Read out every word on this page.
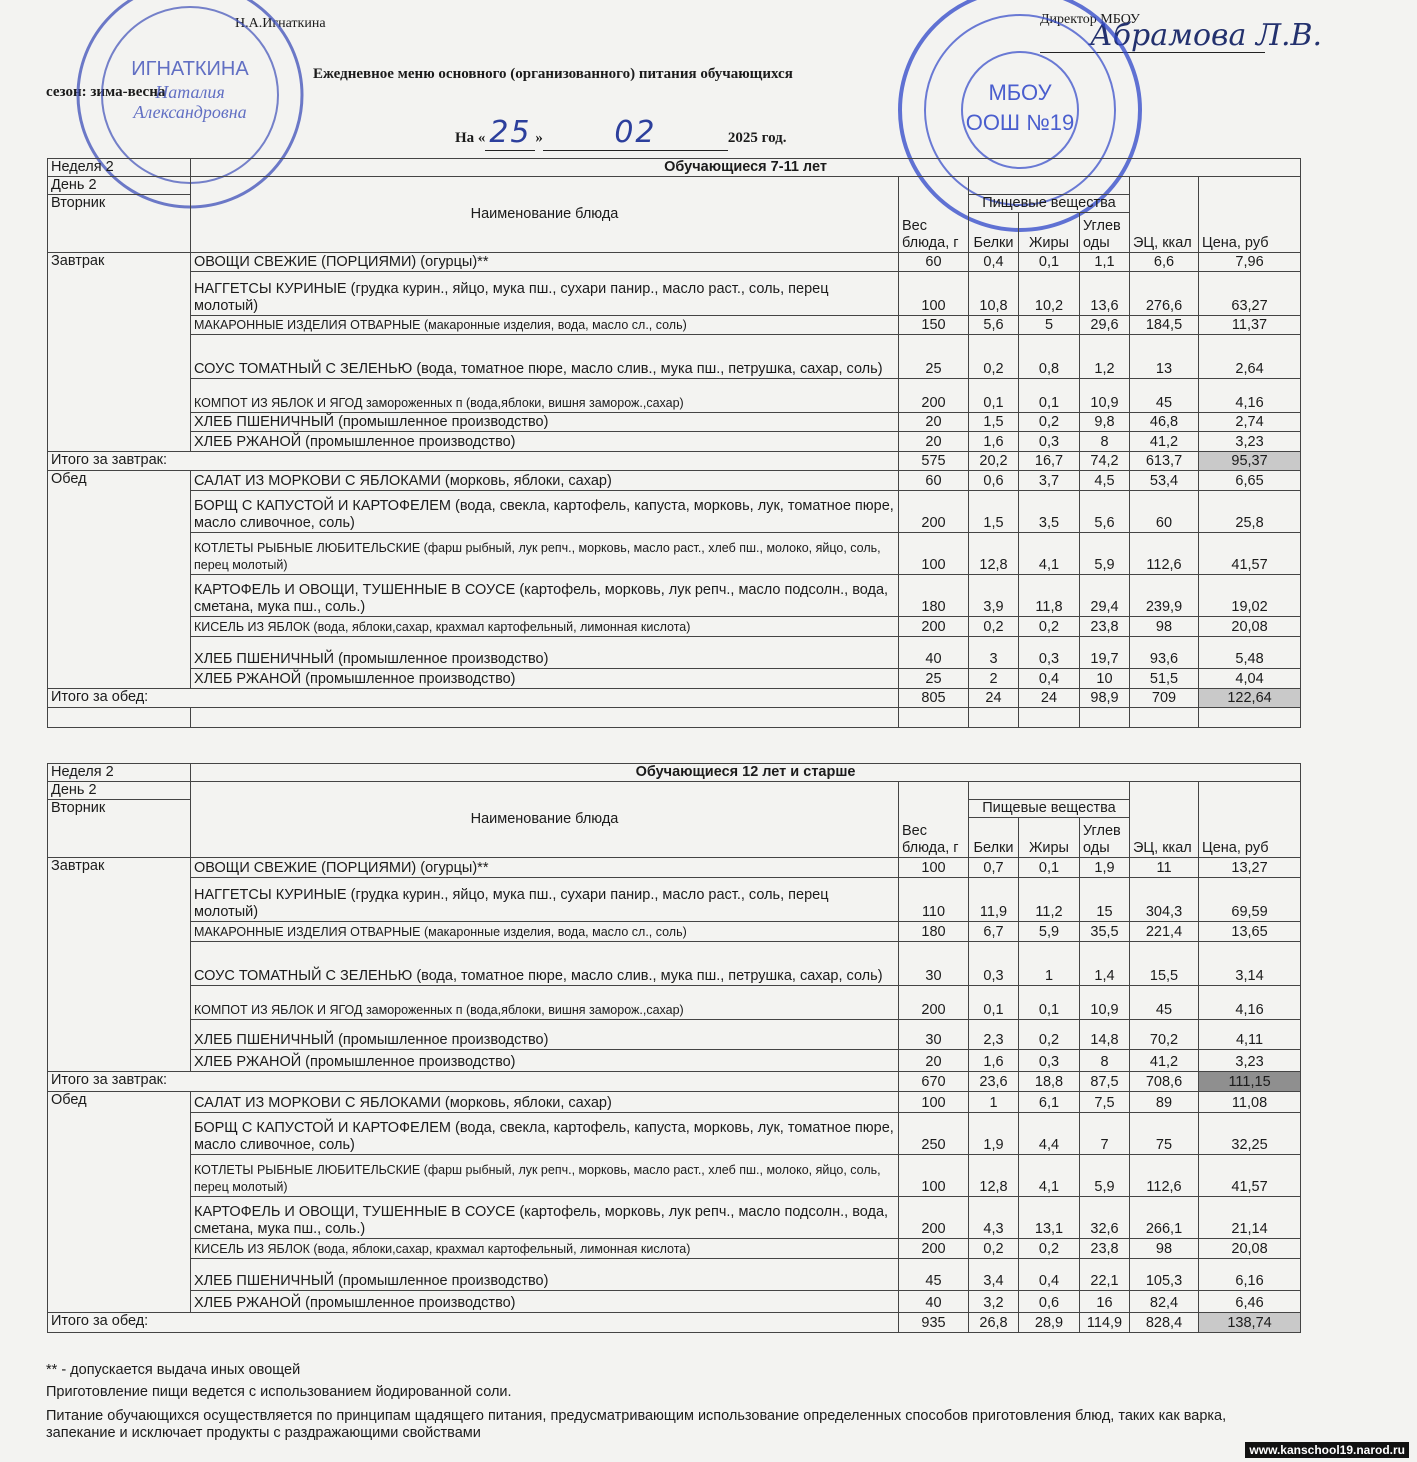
Н.А.Игнаткина	Директор МБОУ
Абрамова Л.В.
Ежедневное меню основного (организованного) питания обучающихся
сезон: зима-весна
На « 25 » 02	2025 год.
ИГНАТКИНА
Наталия
Александровна
МБОУ
ООШ №19
Неделя 2	Обучающиеся 7-11 лет						
День 2	Наименование блюда	Вес блюда, г				ЭЦ, ккал	Цена, руб
Вторник			Пищевые вещества				
			Белки	Жиры	Углеводы		
Завтрак	ОВОЩИ СВЕЖИЕ (ПОРЦИЯМИ) (огурцы)**	60	0,4	0,1	1,1	6,6	7,96
	НАГГЕТСЫ КУРИНЫЕ (грудка курин., яйцо, мука пш., сухари панир., масло раст., соль, перец молотый)	100	10,8	10,2	13,6	276,6	63,27
	МАКАРОННЫЕ ИЗДЕЛИЯ ОТВАРНЫЕ (макаронные изделия, вода, масло сл., соль)	150	5,6	5	29,6	184,5	11,37
	СОУС ТОМАТНЫЙ С ЗЕЛЕНЬЮ (вода, томатное пюре, масло слив., мука пш., петрушка, сахар, соль)	25	0,2	0,8	1,2	13	2,64
	КОМПОТ ИЗ ЯБЛОК И ЯГОД замороженных п (вода,яблоки, вишня заморож.,сахар)	200	0,1	0,1	10,9	45	4,16
	ХЛЕБ ПШЕНИЧНЫЙ (промышленное производство)	20	1,5	0,2	9,8	46,8	2,74
	ХЛЕБ РЖАНОЙ (промышленное производство)	20	1,6	0,3	8	41,2	3,23
Итого за завтрак:		575	20,2	16,7	74,2	613,7	95,37
Обед	САЛАТ ИЗ МОРКОВИ С ЯБЛОКАМИ (морковь, яблоки, сахар)	60	0,6	3,7	4,5	53,4	6,65
	БОРЩ С КАПУСТОЙ И КАРТОФЕЛЕМ (вода, свекла, картофель, капуста, морковь, лук, томатное пюре, масло сливочное, соль)	200	1,5	3,5	5,6	60	25,8
	КОТЛЕТЫ РЫБНЫЕ ЛЮБИТЕЛЬСКИЕ (фарш рыбный, лук репч., морковь, масло раст., хлеб пш., молоко, яйцо, соль, перец молотый)	100	12,8	4,1	5,9	112,6	41,57
	КАРТОФЕЛЬ И ОВОЩИ, ТУШЕННЫЕ В СОУСЕ (картофель, морковь, лук репч., масло подсолн., вода, сметана, мука пш., соль.)	180	3,9	11,8	29,4	239,9	19,02
	КИСЕЛЬ ИЗ ЯБЛОК (вода, яблоки,сахар, крахмал картофельный, лимонная кислота)	200	0,2	0,2	23,8	98	20,08
	ХЛЕБ ПШЕНИЧНЫЙ (промышленное производство)	40	3	0,3	19,7	93,6	5,48
	ХЛЕБ РЖАНОЙ (промышленное производство)	25	2	0,4	10	51,5	4,04
Итого за обед:		805	24	24	98,9	709	122,64

Неделя 2	Обучающиеся 12 лет и старше						
День 2	Наименование блюда	Вес блюда, г				ЭЦ, ккал	Цена, руб
Вторник			Пищевые вещества				
			Белки	Жиры	Углеводы		
Завтрак	ОВОЩИ СВЕЖИЕ (ПОРЦИЯМИ) (огурцы)**	100	0,7	0,1	1,9	11	13,27
	НАГГЕТСЫ КУРИНЫЕ (грудка курин., яйцо, мука пш., сухари панир., масло раст., соль, перец молотый)	110	11,9	11,2	15	304,3	69,59
	МАКАРОННЫЕ ИЗДЕЛИЯ ОТВАРНЫЕ (макаронные изделия, вода, масло сл., соль)	180	6,7	5,9	35,5	221,4	13,65
	СОУС ТОМАТНЫЙ С ЗЕЛЕНЬЮ (вода, томатное пюре, масло слив., мука пш., петрушка, сахар, соль)	30	0,3	1	1,4	15,5	3,14
	КОМПОТ ИЗ ЯБЛОК И ЯГОД замороженных п (вода,яблоки, вишня заморож.,сахар)	200	0,1	0,1	10,9	45	4,16
	ХЛЕБ ПШЕНИЧНЫЙ (промышленное производство)	30	2,3	0,2	14,8	70,2	4,11
	ХЛЕБ РЖАНОЙ (промышленное производство)	20	1,6	0,3	8	41,2	3,23
Итого за завтрак:		670	23,6	18,8	87,5	708,6	111,15
Обед	САЛАТ ИЗ МОРКОВИ С ЯБЛОКАМИ (морковь, яблоки, сахар)	100	1	6,1	7,5	89	11,08
	БОРЩ С КАПУСТОЙ И КАРТОФЕЛЕМ (вода, свекла, картофель, капуста, морковь, лук, томатное пюре, масло сливочное, соль)	250	1,9	4,4	7	75	32,25
	КОТЛЕТЫ РЫБНЫЕ ЛЮБИТЕЛЬСКИЕ (фарш рыбный, лук репч., морковь, масло раст., хлеб пш., молоко, яйцо, соль, перец молотый)	100	12,8	4,1	5,9	112,6	41,57
	КАРТОФЕЛЬ И ОВОЩИ, ТУШЕННЫЕ В СОУСЕ (картофель, морковь, лук репч., масло подсолн., вода, сметана, мука пш., соль.)	200	4,3	13,1	32,6	266,1	21,14
	КИСЕЛЬ ИЗ ЯБЛОК (вода, яблоки,сахар, крахмал картофельный, лимонная кислота)	200	0,2	0,2	23,8	98	20,08
	ХЛЕБ ПШЕНИЧНЫЙ (промышленное производство)	45	3,4	0,4	22,1	105,3	6,16
	ХЛЕБ РЖАНОЙ (промышленное производство)	40	3,2	0,6	16	82,4	6,46
Итого за обед:		935	26,8	28,9	114,9	828,4	138,74
** - допускается выдача иных овощей
Приготовление пищи ведется с использованием йодированной соли.
Питание обучающихся осуществляется по принципам щадящего питания, предусматривающим использование определенных способов приготовления блюд, таких как варка, запекание и исключает продукты с раздражающими свойствами
www.kanschool19.narod.ru
